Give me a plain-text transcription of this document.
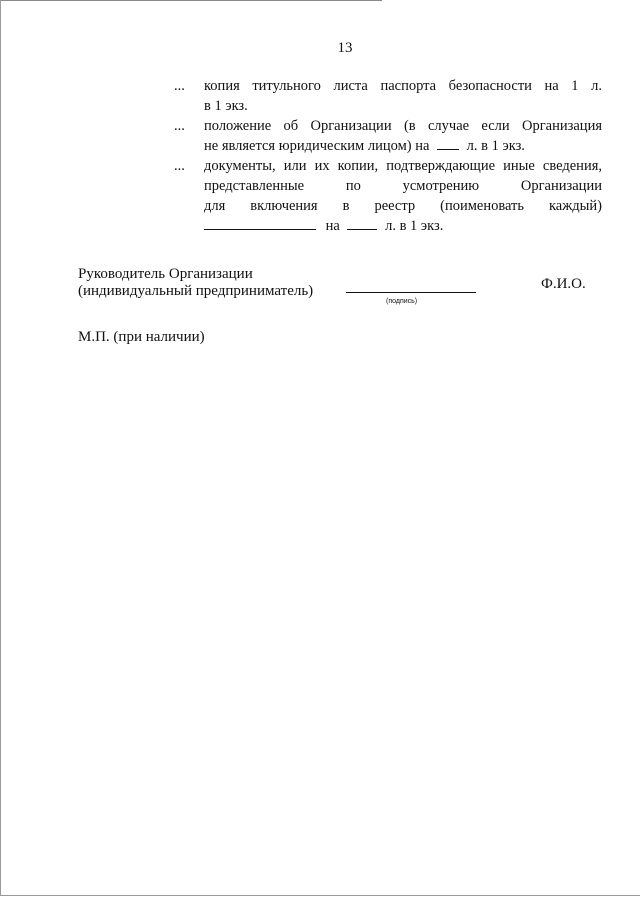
13
...	копия титульного листа паспорта безопасности на 1 л.
в 1 экз.
...	положение об Организации (в случае если Организация
не является юридическим лицом) на	л. в 1 экз.
...	документы, или их копии, подтверждающие иные сведения,
представленные	по	усмотрению	Организации
для включения в реестр (поименовать каждый)
на	л. в 1 экз.
Руководитель Организации
(индивидуальный предприниматель)
(подпись)
Ф.И.О.
М.П. (при наличии)
